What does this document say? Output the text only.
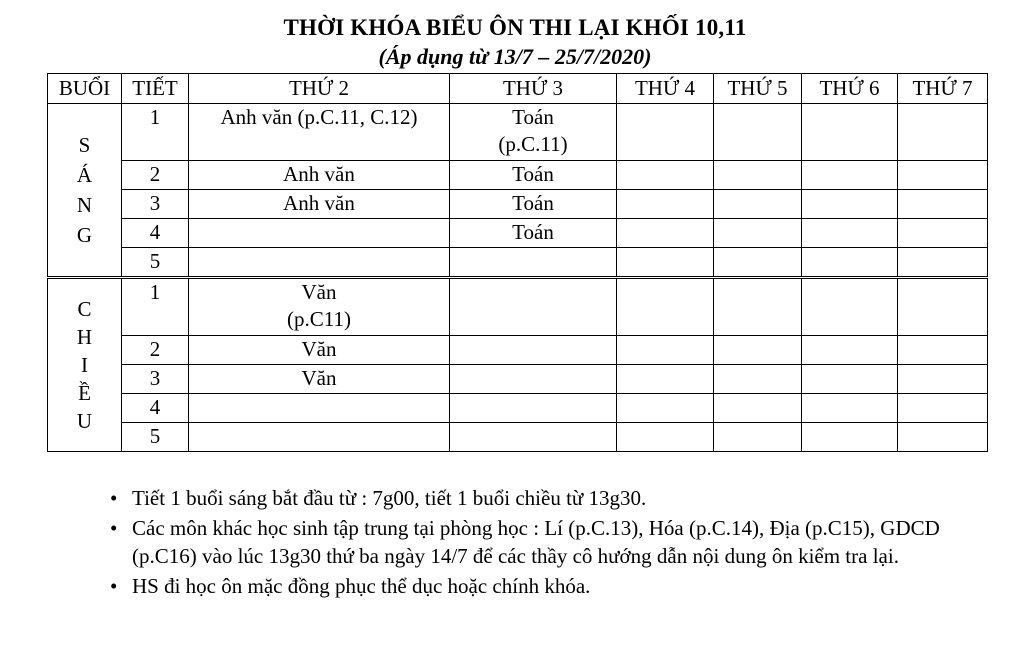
THỜI KHÓA BIỂU ÔN THI LẠI KHỐI 10,11
(Áp dụng từ 13/7 – 25/7/2020)
BUỔI	TIẾT	THỨ 2	THỨ 3	THỨ 4	THỨ 5	THỨ 6	THỨ 7

S
Á
N
G	1	Anh văn (p.C.11, C.12)	Toán
(p.C.11)				
	2	Anh văn	Toán				
	3	Anh văn	Toán				
	4		Toán				
	5						

C
H
I
Ề
U	1	Văn
(p.C11)					
	2	Văn					
	3	Văn					
	4						
	5						
• Tiết 1 buổi sáng bắt đầu từ : 7g00, tiết 1 buổi chiều từ 13g30.
• Các môn khác học sinh tập trung tại phòng học : Lí (p.C.13), Hóa (p.C.14), Địa (p.C15), GDCD (p.C16) vào lúc 13g30 thứ ba ngày 14/7 để các thầy cô hướng dẫn nội dung ôn kiểm tra lại.
• HS đi học ôn mặc đồng phục thể dục hoặc chính khóa.
